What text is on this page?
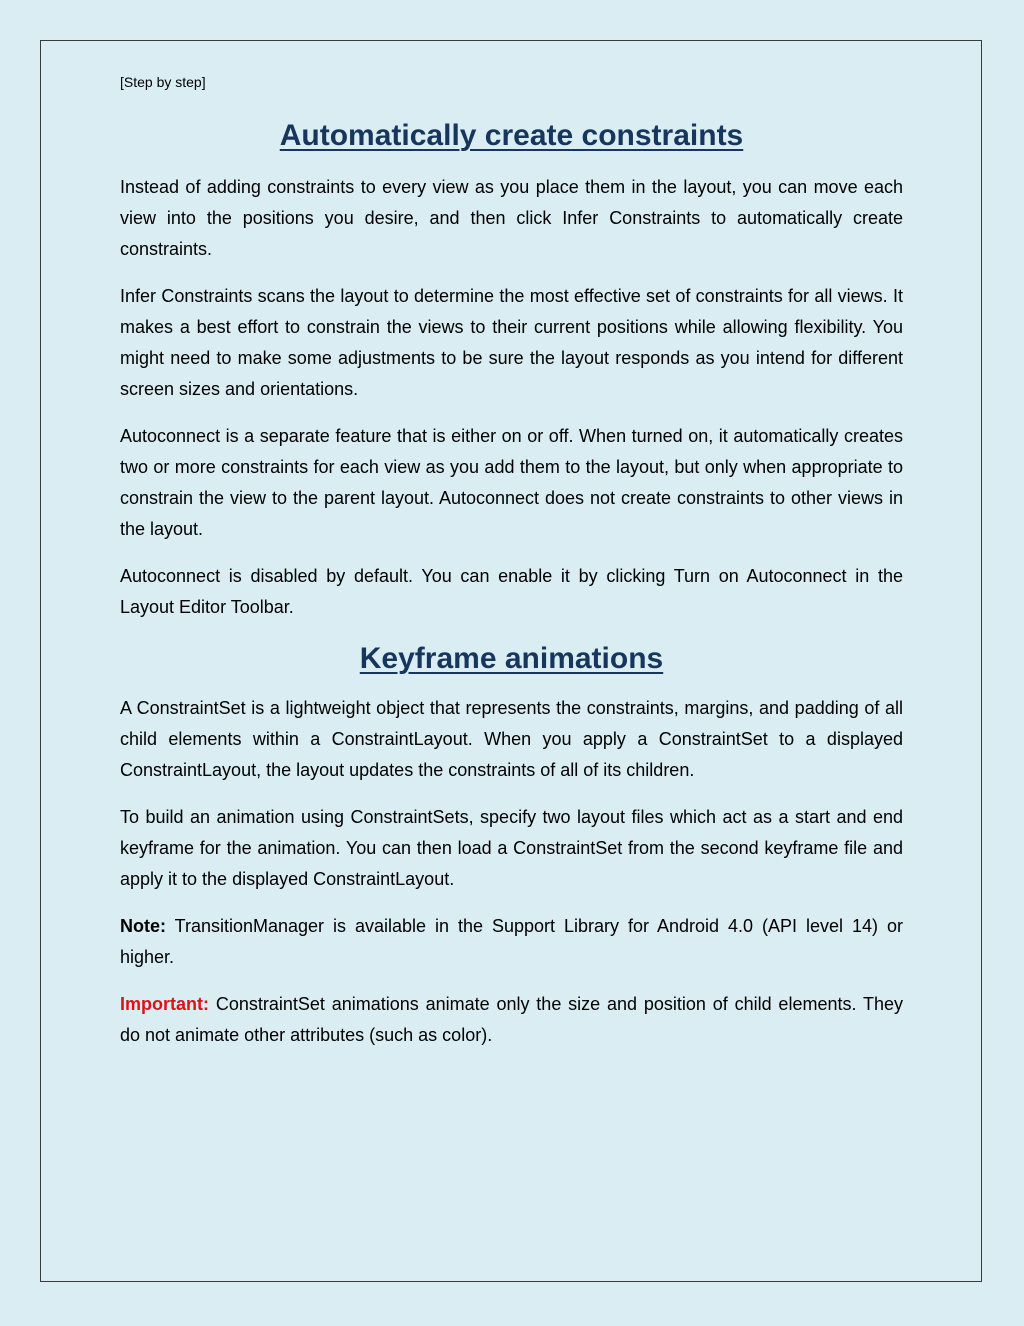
[Step by step]
Automatically create constraints

Instead of adding constraints to every view as you place them in the layout, you can move each view into the positions you desire, and then click Infer Constraints to automatically create constraints.

Infer Constraints scans the layout to determine the most effective set of constraints for all views. It makes a best effort to constrain the views to their current positions while allowing flexibility. You might need to make some adjustments to be sure the layout responds as you intend for different screen sizes and orientations.

Autoconnect is a separate feature that is either on or off. When turned on, it automatically creates two or more constraints for each view as you add them to the layout, but only when appropriate to constrain the view to the parent layout. Autoconnect does not create constraints to other views in the layout.

Autoconnect is disabled by default. You can enable it by clicking Turn on Autoconnect in the Layout Editor Toolbar.

Keyframe animations

A ConstraintSet is a lightweight object that represents the constraints, margins, and padding of all child elements within a ConstraintLayout. When you apply a ConstraintSet to a displayed ConstraintLayout, the layout updates the constraints of all of its children.

To build an animation using ConstraintSets, specify two layout files which act as a start and end keyframe for the animation. You can then load a ConstraintSet from the second keyframe file and apply it to the displayed ConstraintLayout.

Note: TransitionManager is available in the Support Library for Android 4.0 (API level 14) or higher.

Important: ConstraintSet animations animate only the size and position of child elements. They do not animate other attributes (such as color).
